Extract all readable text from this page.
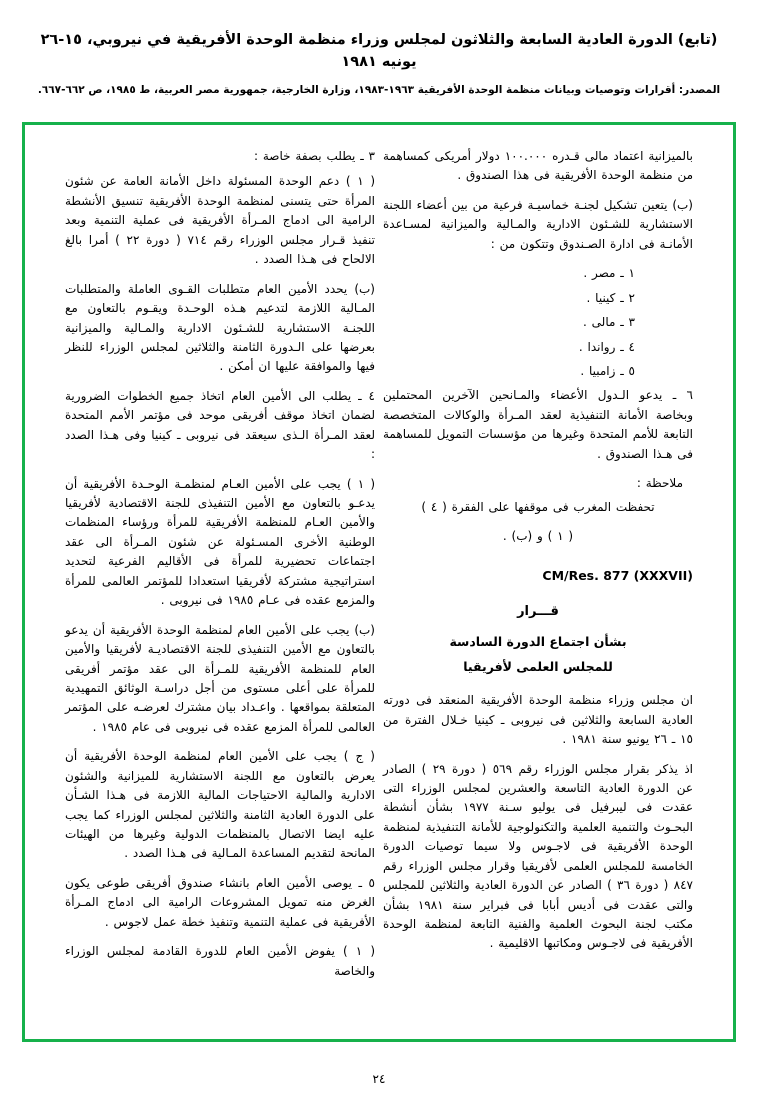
(تابع) الدورة العادية السابعة والثلاثون لمجلس وزراء منظمة الوحدة الأفريقية في نيروبي، ١٥-٢٦ يونيه ١٩٨١
المصدر: أقرارات وتوصيات وبيانات منظمة الوحدة الأفريقية ١٩٦٣-١٩٨٣، وزارة الخارجية، جمهورية مصر العربية، ط ١٩٨٥، ص ٦٦٢-٦٦٧.

بالميزانية اعتماد مالى قـدره ١٠٠.٠٠٠ دولار أمريكى كمساهمة من منظمة الوحدة الأفريقية فى هذا الصندوق .

(ب) يتعين تشكيل لجنـة خماسيـة فرعية من بين أعضاء اللجنة الاستشارية للشـئون الادارية والمـالية والميزانية لمسـاعدة الأمانـة فى ادارة الصـندوق وتتكون من :

١ ـ مصر .

٢ ـ كينيا .

٣ ـ مالى .

٤ ـ رواندا .

٥ ـ زامبيا .

٦ ـ يدعو الـدول الأعضاء والمـانحين الآخرين المحتملين وبخاصة الأمانة التنفيذية لعقد المـرأة والوكالات المتخصصة التابعة للأمم المتحدة وغيرها من مؤسسات التمويل للمساهمة فى هـذا الصندوق .

ملاحظة :

تحفظت المغرب فى موقفها على الفقرة ( ٤ )

( ١ ) و (ب) .

CM/Res. 877 (XXXVII)
قـــرار
بشأن اجتماع الدورة السادسة
للمجلس العلمى لأفريقيا

ان مجلس وزراء منظمة الوحدة الأفريقية المنعقد فى دورته العادية السابعة والثلاثين فى نيروبى ـ كينيا خـلال الفترة من ١٥ ـ ٢٦ يونيو سنة ١٩٨١ .

اذ يذكر بقرار مجلس الوزراء رقم ٥٦٩ ( دورة ٢٩ ) الصادر عن الدورة العادية التاسعة والعشرين لمجلس الوزراء التى عقدت فى ليبرفيل فى يوليو سـنة ١٩٧٧ بشأن أنشطة البحـوث والتنمية العلمية والتكنولوجية للأمانة التنفيذية لمنظمة الوحدة الأفريقية فى لاجـوس ولا سيما توصيات الدورة الخامسة للمجلس العلمى لأفريقيا وقرار مجلس الوزراء رقم ٨٤٧ ( دورة ٣٦ ) الصادر عن الدورة العادية والثلاثين للمجلس والتى عقدت فى أديس أبابا فى فبراير سنة ١٩٨١ بشأن مكتب لجنة البحوث العلمية والفنية التابعة لمنظمة الوحدة الأفريقية فى لاجـوس ومكاتبها الاقليمية .

٣ ـ يطلب بصفة خاصة :

( ١ ) دعم الوحدة المسئولة داخل الأمانة العامة عن شئون المرأة حتى يتسنى لمنظمة الوحدة الأفريقية تنسيق الأنشطة الرامية الى ادماج المـرأة الأفريقية فى عملية التنمية وبعد تنفيذ قـرار مجلس الوزراء رقم ٧١٤ ( دورة ٢٢ ) أمرا بالغ الالحاح فى هـذا الصدد .

(ب) يحدد الأمين العام متطلبات القـوى العاملة والمتطلبات المـالية اللازمة لتدعيم هـذه الوحـدة ويقـوم بالتعاون مع اللجنـة الاستشارية للشـئون الادارية والمـالية والميزانية بعرضها على الـدورة الثامنة والثلاثين لمجلس الوزراء للنظر فيها والموافقة عليها ان أمكن .

٤ ـ يطلب الى الأمين العام اتخاذ جميع الخطوات الضرورية لضمان اتخاذ موقف أفريقى موحد فى مؤتمر الأمم المتحدة لعقد المـرأة الـذى سيعقد فى نيروبى ـ كينيا وفى هـذا الصدد :

( ١ ) يجب على الأمين العـام لمنظمـة الوحـدة الأفريقية أن يدعـو بالتعاون مع الأمين التنفيذى للجنة الاقتصادية لأفريقيا والأمين العـام للمنظمة الأفريقية للمرأة ورؤساء المنظمات الوطنية الأخرى المسـئولة عن شئون المـرأة الى عقد اجتماعات تحضيرية للمرأة فى الأقاليم الفرعية لتحديد استراتيجية مشتركة لأفريقيا استعدادا للمؤتمر العالمى للمرأة والمزمع عقده فى عـام ١٩٨٥ فى نيروبى .

(ب) يجب على الأمين العام لمنظمة الوحدة الأفريقية أن يدعو بالتعاون مع الأمين التنفيذى للجنة الاقتصاديـة لأفريقيا والأمين العام للمنظمة الأفريقية للمـرأة الى عقد مؤتمر أفريقى للمرأة على أعلى مستوى من أجل دراسـة الوثائق التمهيدية المتعلقة بمواقعها . واعـداد بيان مشترك لعرضـه على المؤتمر العالمى للمرأة المزمع عقده فى نيروبى فى عام ١٩٨٥ .

( ج ) يجب على الأمين العام لمنظمة الوحدة الأفريقية أن يعرض بالتعاون مع اللجنة الاستشارية للميزانية والشئون الادارية والمالية الاحتياجات المالية اللازمة فى هـذا الشـأن على الدورة العادية الثامنة والثلاثين لمجلس الوزراء كما يجب عليه ايضا الاتصال بالمنظمات الدولية وغيرها من الهيئات المانحة لتقديم المساعدة المـالية فى هـذا الصدد .

٥ ـ يوصى الأمين العام بانشاء صندوق أفريقى طوعى يكون الغرض منه تمويل المشروعات الرامية الى ادماج المـرأة الأفريقية فى عملية التنمية وتنفيذ خطة عمل لاجوس .

( ١ ) يفوض الأمين العام للدورة القادمة لمجلس الوزراء والخاصة

٢٤
